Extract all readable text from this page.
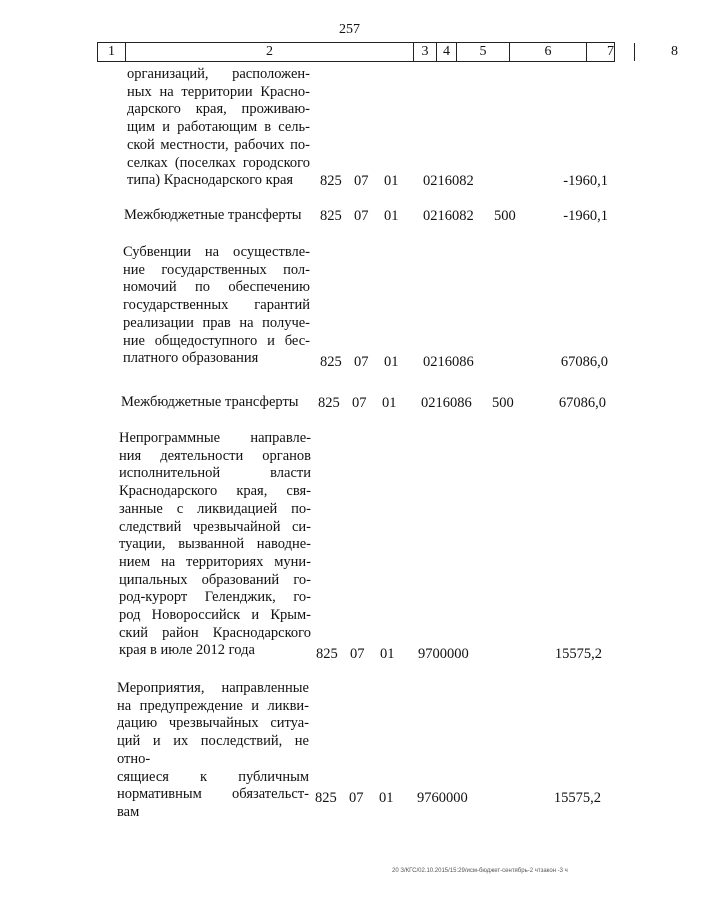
257
1	2	3	4	5	6	7	8
организаций, расположен-
ных на территории Красно-
дарского края, проживаю-
щим и работающим в сель-
ской местности, рабочих по-
селках (поселках городского
типа) Краснодарского края	825 07 01 0216082	-1960,1
Межбюджетные трансферты	825 07 01 0216082 500	-1960,1
Субвенции на осуществле-
ние государственных пол-
номочий по обеспечению
государственных гарантий
реализации прав на получе-
ние общедоступного и бес-
платного образования	825 07 01 0216086	67086,0
Межбюджетные трансферты	825 07 01 0216086 500	67086,0
Непрограммные направле-
ния деятельности органов
исполнительной власти
Краснодарского края, свя-
занные с ликвидацией по-
следствий чрезвычайной си-
туации, вызванной наводне-
нием на территориях муни-
ципальных образований го-
род-курорт Геленджик, го-
род Новороссийск и Крым-
ский район Краснодарского
края в июле 2012 года	825 07 01 9700000	15575,2
Мероприятия, направленные
на предупреждение и ликви-
дацию чрезвычайных ситуа-
ций и их последствий, не отно-
сящиеся к публичным
нормативным обязательст-
вам
825 07 01 9760000	15575,2
20 З/КГС/02.10.2015/15:29/исм-бюджет-сентябрь-2 чтзакон -3 ч
